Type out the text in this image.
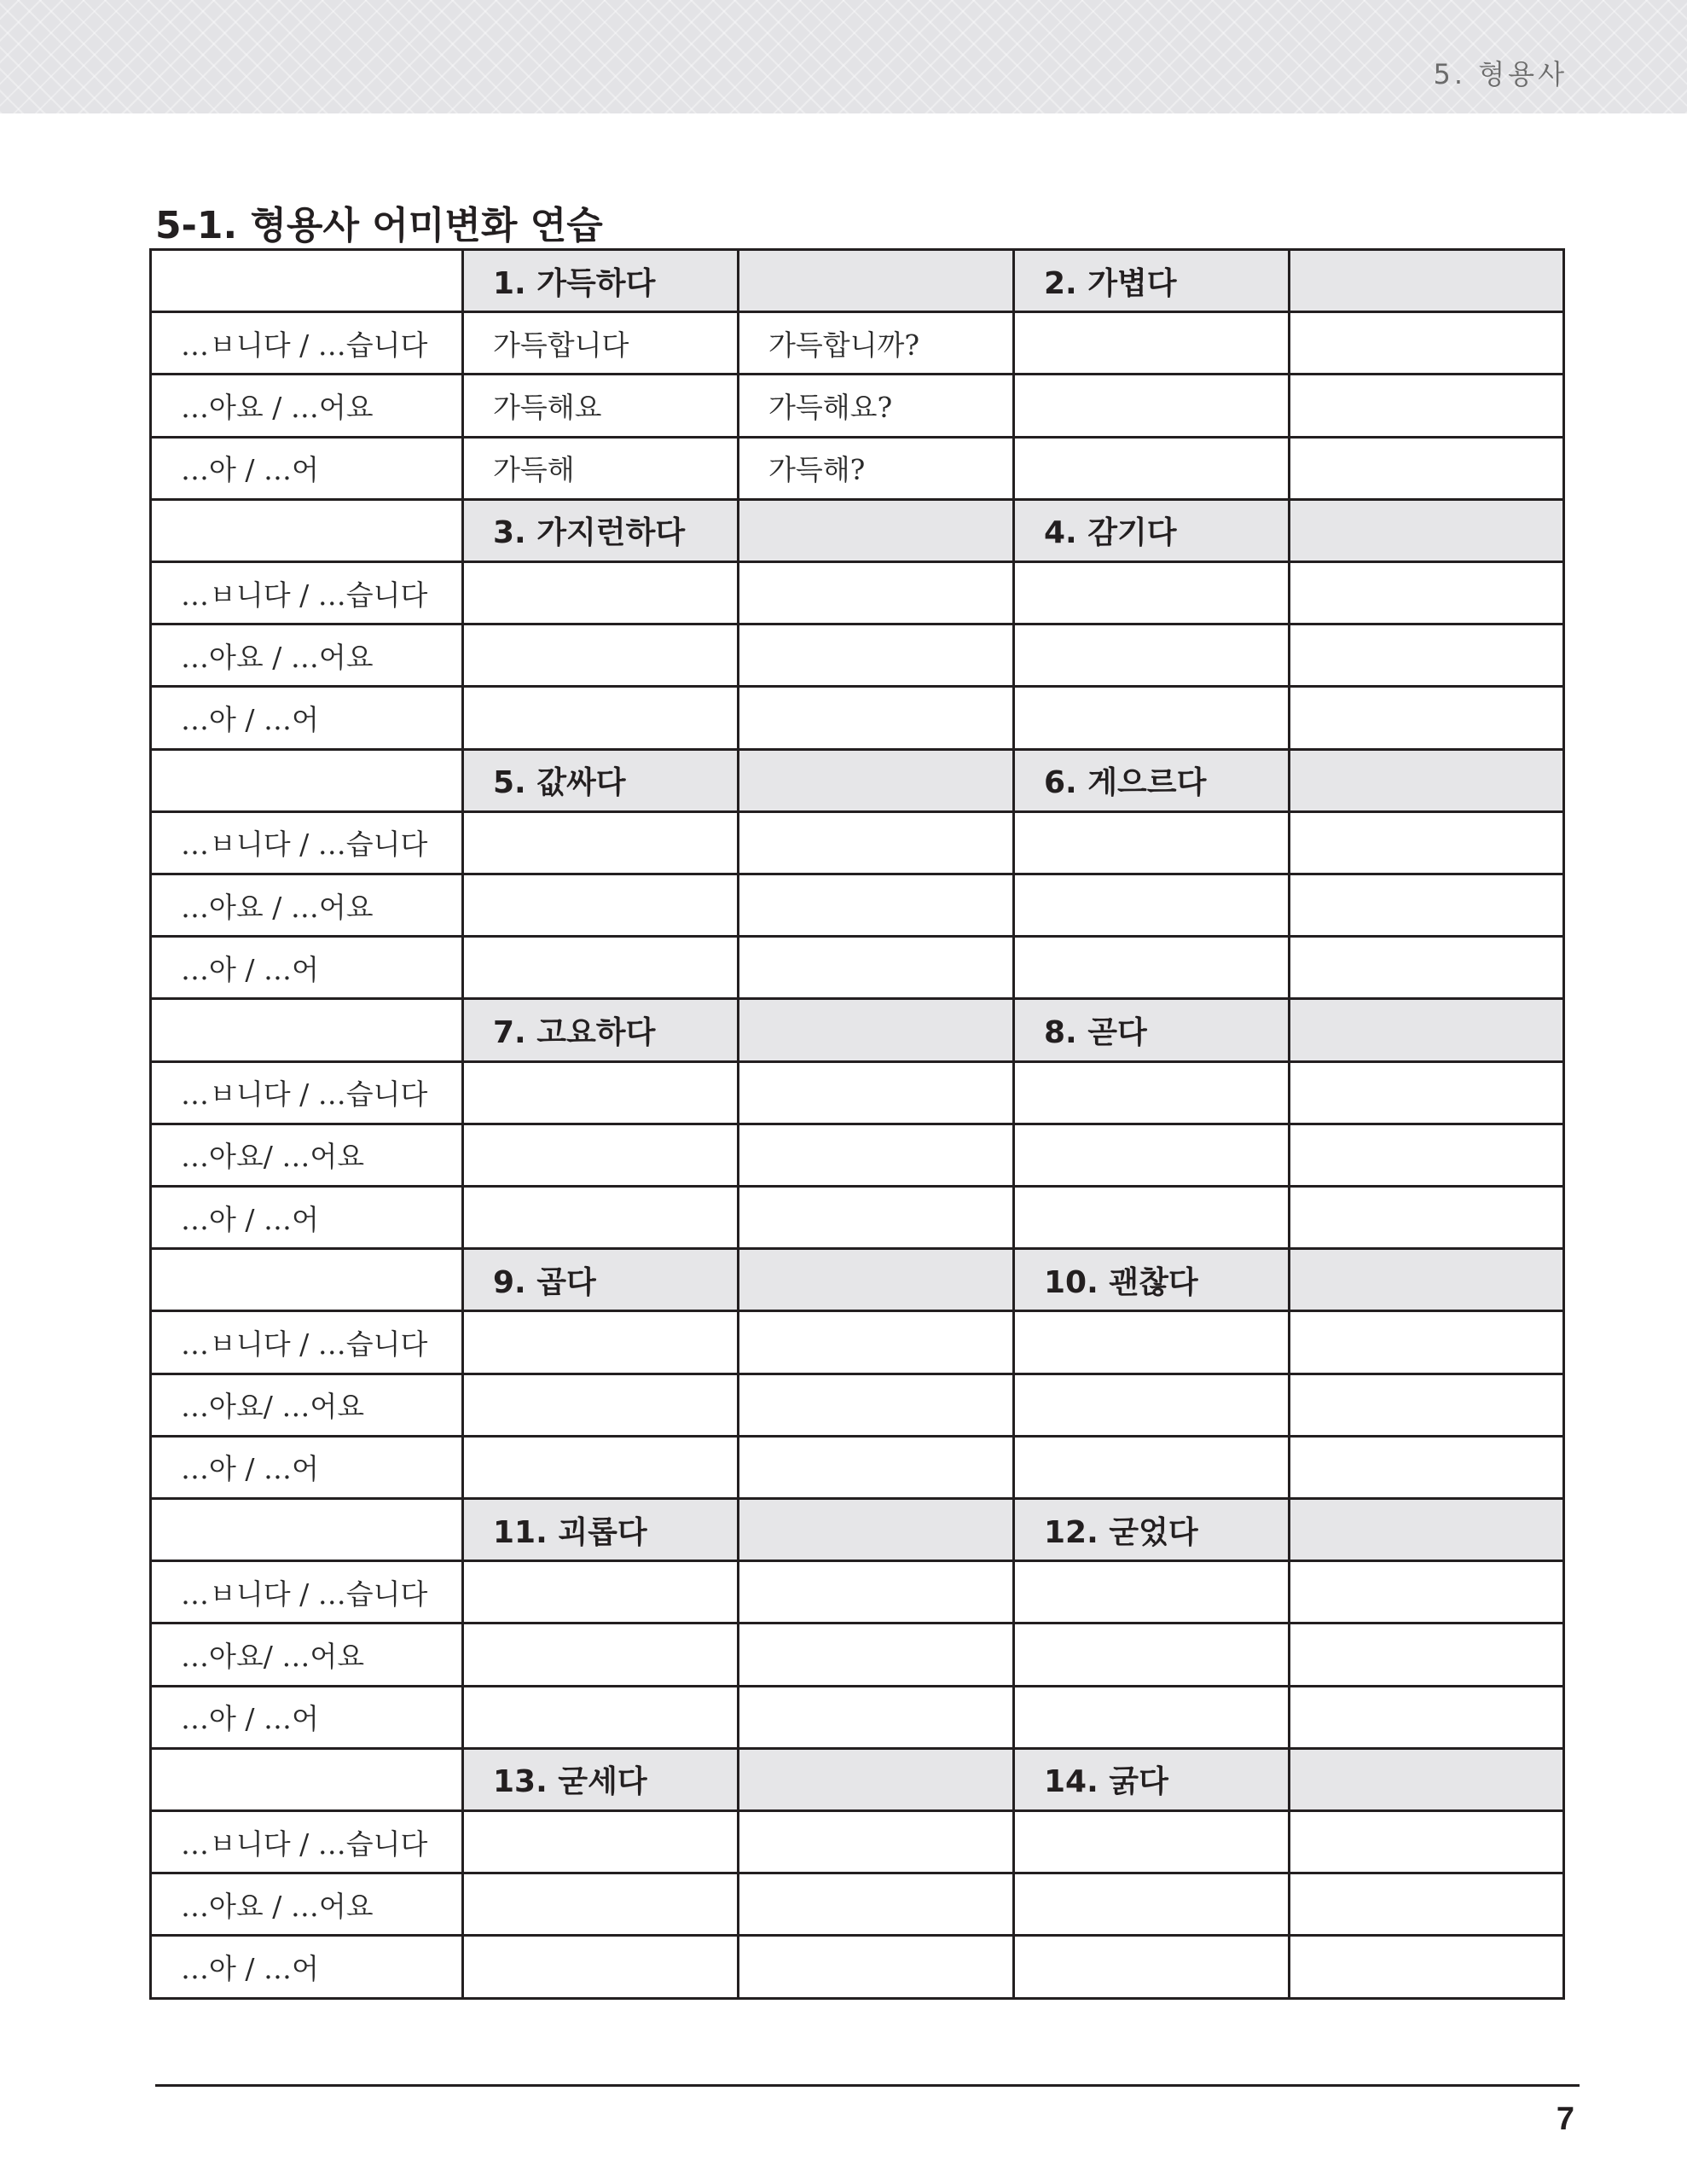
5. 형용사
5-1. 형용사 어미변화 연습
	1. 가득하다		2. 가볍다	
…ㅂ니다 / …습니다	가득합니다	가득합니까?		
…아요 / …어요	가득해요	가득해요?		
…아 / …어	가득해	가득해?		
	3. 가지런하다		4. 감기다	
…ㅂ니다 / …습니다				
…아요 / …어요				
…아 / …어				
	5. 값싸다		6. 게으르다	
…ㅂ니다 / …습니다				
…아요 / …어요				
…아 / …어				
	7. 고요하다		8. 곧다	
…ㅂ니다 / …습니다				
…아요/ …어요				
…아 / …어				
	9. 곱다		10. 괜찮다	
…ㅂ니다 / …습니다				
…아요/ …어요				
…아 / …어				
	11. 괴롭다		12. 굳었다	
…ㅂ니다 / …습니다				
…아요/ …어요				
…아 / …어				
	13. 굳세다		14. 굵다	
…ㅂ니다 / …습니다				
…아요 / …어요				
…아 / …어				
7
